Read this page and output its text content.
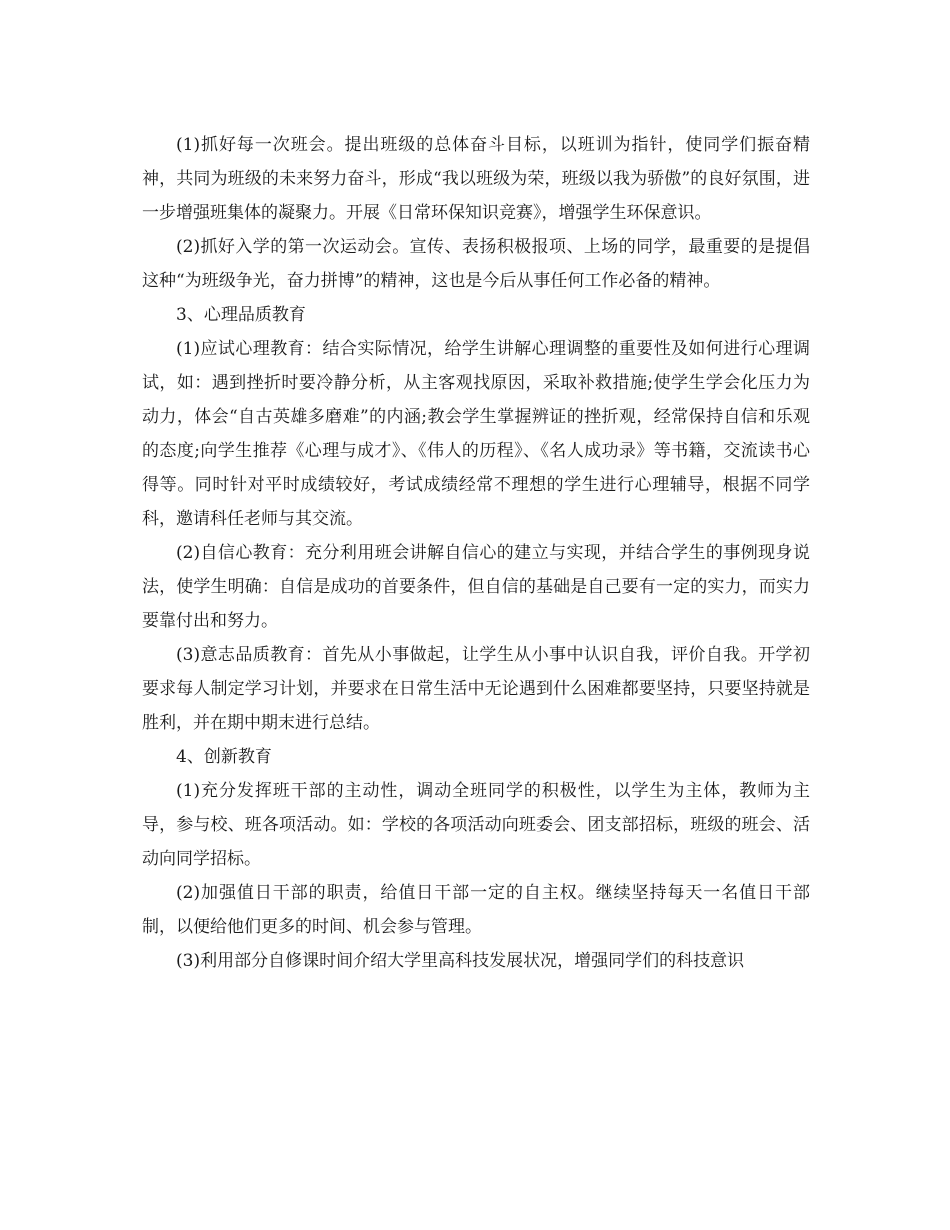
(1)抓好每一次班会。提出班级的总体奋斗目标，以班训为指针，使同学们振奋精神，共同为班级的未来努力奋斗，形成“我以班级为荣，班级以我为骄傲”的良好氛围，进一步增强班集体的凝聚力。开展《日常环保知识竞赛》，增强学生环保意识。

(2)抓好入学的第一次运动会。宣传、表扬积极报项、上场的同学，最重要的是提倡这种“为班级争光，奋力拼博”的精神，这也是今后从事任何工作必备的精神。

3、心理品质教育

(1)应试心理教育：结合实际情况，给学生讲解心理调整的重要性及如何进行心理调试，如：遇到挫折时要冷静分析，从主客观找原因，采取补救措施;使学生学会化压力为动力，体会“自古英雄多磨难”的内涵;教会学生掌握辨证的挫折观，经常保持自信和乐观的态度;向学生推荐《心理与成才》、《伟人的历程》、《名人成功录》等书籍，交流读书心得等。同时针对平时成绩较好，考试成绩经常不理想的学生进行心理辅导，根据不同学科，邀请科任老师与其交流。

(2)自信心教育：充分利用班会讲解自信心的建立与实现，并结合学生的事例现身说法，使学生明确：自信是成功的首要条件，但自信的基础是自己要有一定的实力，而实力要靠付出和努力。

(3)意志品质教育：首先从小事做起，让学生从小事中认识自我，评价自我。开学初要求每人制定学习计划，并要求在日常生活中无论遇到什么困难都要坚持，只要坚持就是胜利，并在期中期末进行总结。

4、创新教育

(1)充分发挥班干部的主动性，调动全班同学的积极性，以学生为主体，教师为主导，参与校、班各项活动。如：学校的各项活动向班委会、团支部招标，班级的班会、活动向同学招标。

(2)加强值日干部的职责，给值日干部一定的自主权。继续坚持每天一名值日干部制，以便给他们更多的时间、机会参与管理。

(3)利用部分自修课时间介绍大学里高科技发展状况，增强同学们的科技意识
